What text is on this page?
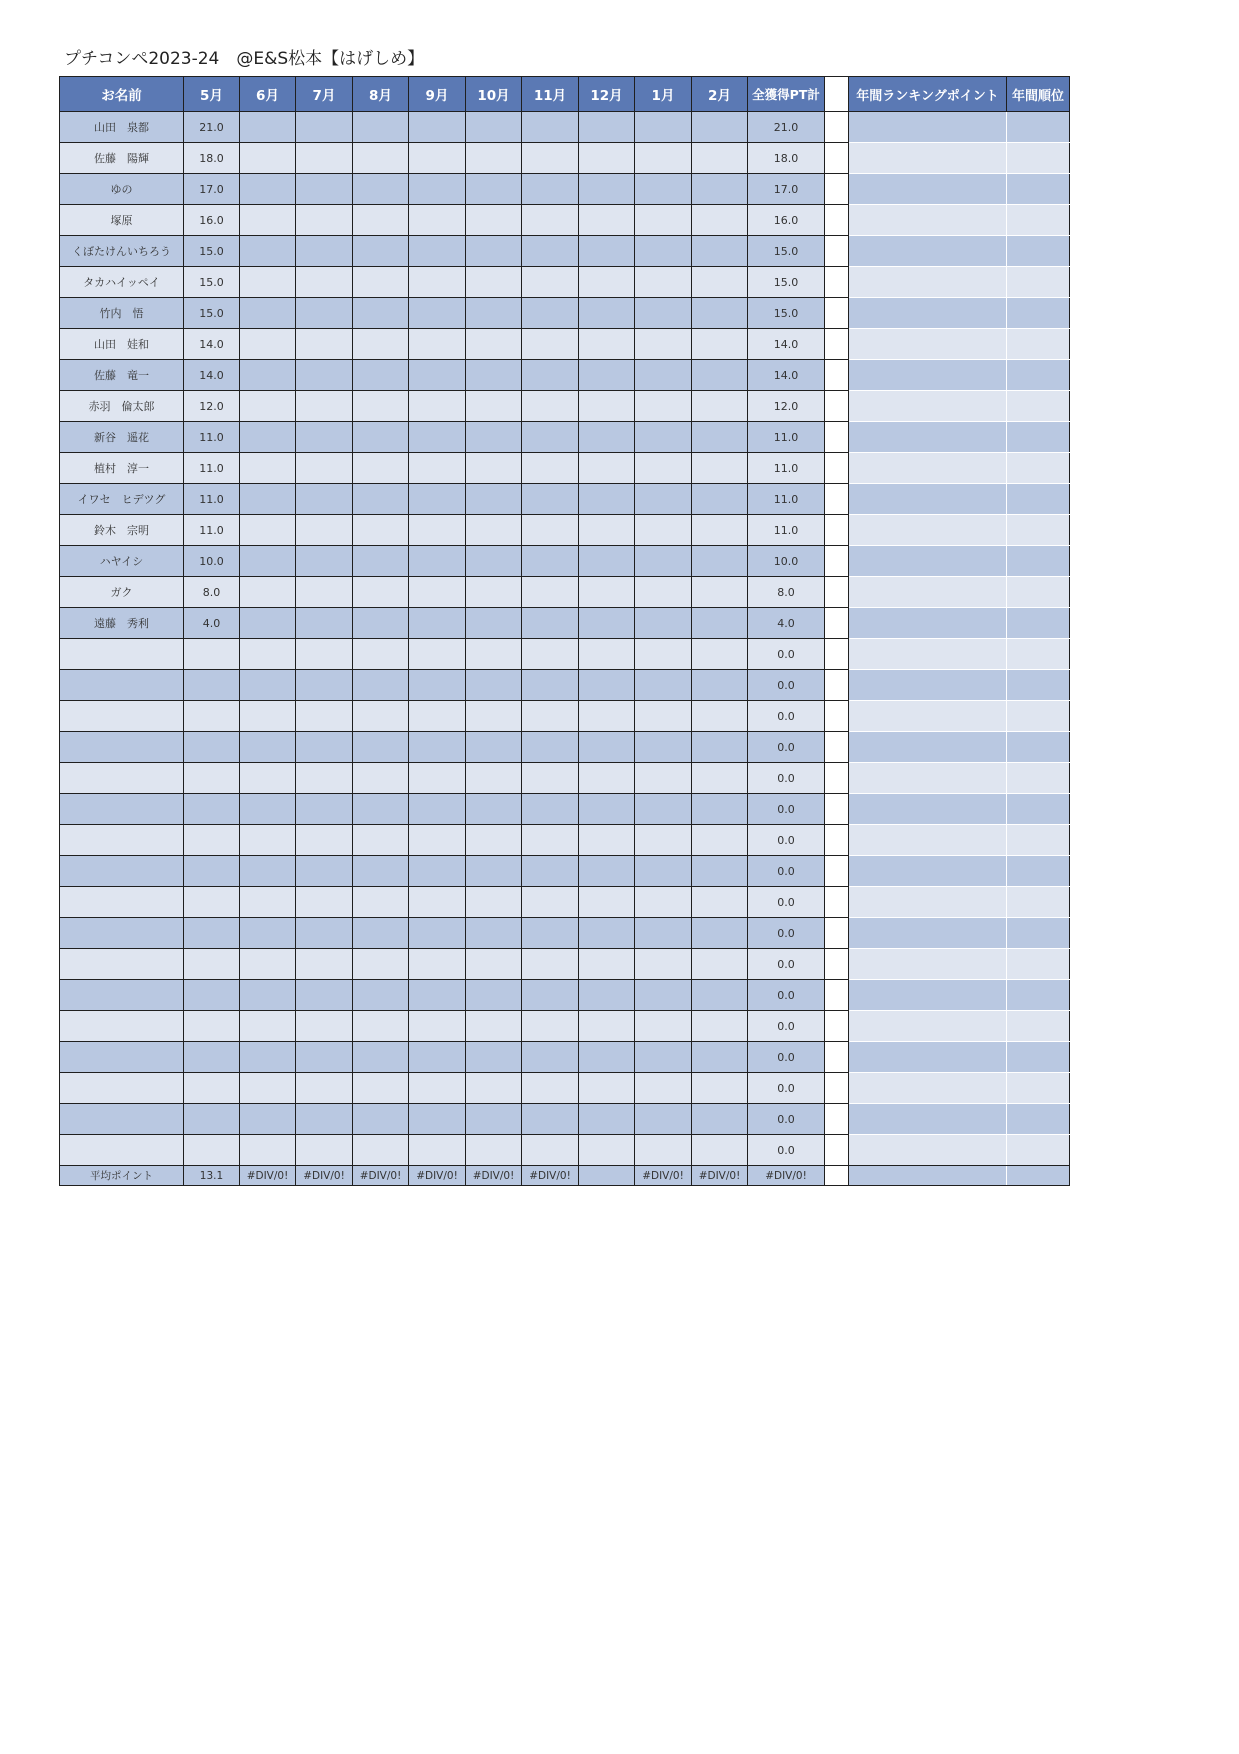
プチコンペ2023-24　@E&S松本【はげしめ】
お名前	5月	6月	7月	8月	9月	10月	11月	12月	1月	2月	全獲得PT計		年間ランキングポイント	年間順位
山田　泉都	21.0										21.0			
佐藤　陽輝	18.0										18.0			
ゆの	17.0										17.0			
塚原	16.0										16.0			
くぼたけんいちろう	15.0										15.0			
タカハイッペイ	15.0										15.0			
竹内　悟	15.0										15.0			
山田　娃和	14.0										14.0			
佐藤　竜一	14.0										14.0			
赤羽　倫太郎	12.0										12.0			
新谷　遥花	11.0										11.0			
植村　淳一	11.0										11.0			
イワセ　ヒデツグ	11.0										11.0			
鈴木　宗明	11.0										11.0			
ハヤイシ	10.0										10.0			
ガク	8.0										8.0			
遠藤　秀利	4.0										4.0			
											0.0			
											0.0			
											0.0			
											0.0			
											0.0			
											0.0			
											0.0			
											0.0			
											0.0			
											0.0			
											0.0			
											0.0			
											0.0			
											0.0			
											0.0			
											0.0			
											0.0			
平均ポイント	13.1	#DIV/0!	#DIV/0!	#DIV/0!	#DIV/0!	#DIV/0!	#DIV/0!		#DIV/0!	#DIV/0!	#DIV/0!			
